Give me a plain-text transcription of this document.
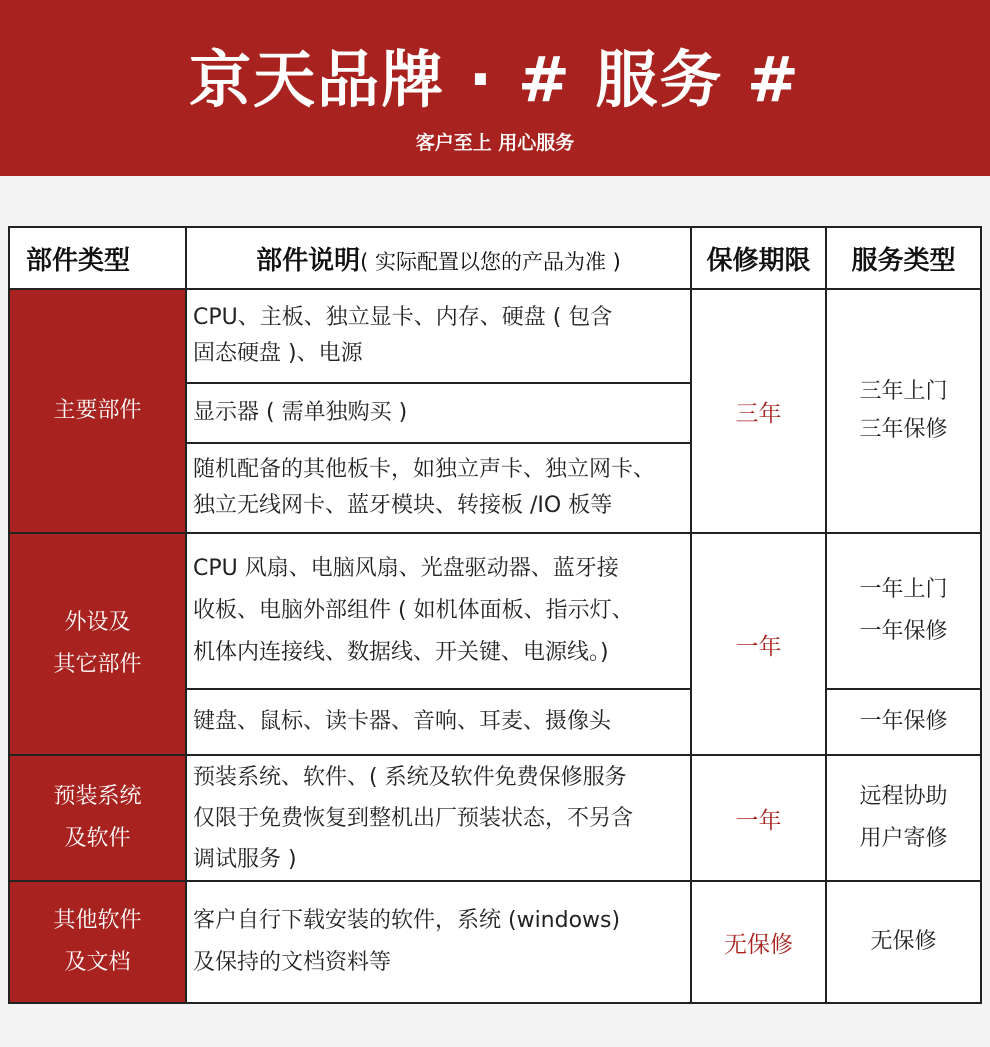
京天品牌 · # 服务 #
客户至上 用心服务
部件类型	部件说明( 实际配置以您的产品为准 )	保修期限	服务类型

主要部件	CPU、主板、独立显卡、内存、硬盘 ( 包含
固态硬盘 )、电源	三年	三年上门
三年保修

	显示器 ( 需单独购买 )		

	随机配备的其他板卡，如独立声卡、独立网卡、
独立无线网卡、蓝牙模块、转接板 /IO 板等		

外设及
其它部件	CPU 风扇、电脑风扇、光盘驱动器、蓝牙接
收板、电脑外部组件 ( 如机体面板、指示灯、
机体内连接线、数据线、开关键、电源线。)	一年	一年上门
一年保修

	键盘、鼠标、读卡器、音响、耳麦、摄像头		一年保修

预装系统
及软件	预装系统、软件、( 系统及软件免费保修服务
仅限于免费恢复到整机出厂预装状态，不另含
调试服务 )	一年	远程协助
用户寄修

其他软件
及文档	客户自行下载安装的软件，系统 (windows)
及保持的文档资料等	无保修	无保修
